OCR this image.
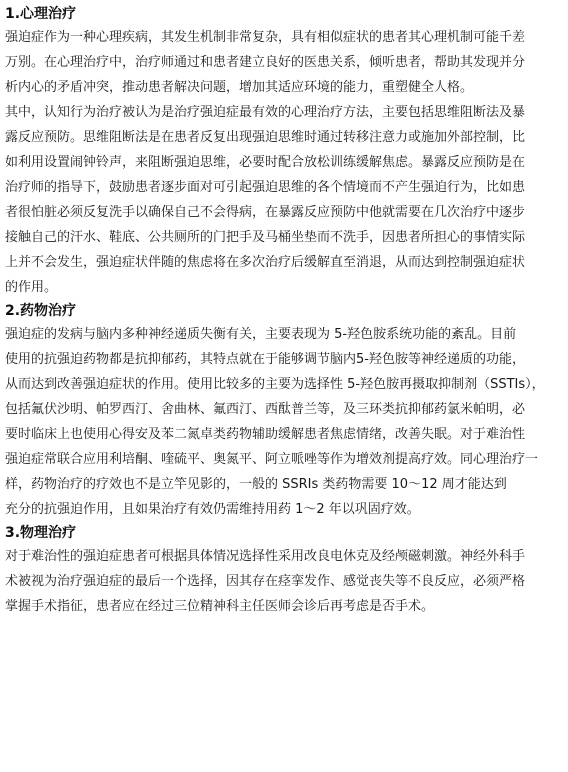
1.心理治疗
强迫症作为一种心理疾病，其发生机制非常复杂，具有相似症状的患者其心理机制可能千差
万别。在心理治疗中，治疗师通过和患者建立良好的医患关系，倾听患者，帮助其发现并分
析内心的矛盾冲突，推动患者解决问题，增加其适应环境的能力，重塑健全人格。
其中，认知行为治疗被认为是治疗强迫症最有效的心理治疗方法，主要包括思维阻断法及暴
露反应预防。思维阻断法是在患者反复出现强迫思维时通过转移注意力或施加外部控制，比
如利用设置闹钟铃声，来阻断强迫思维，必要时配合放松训练缓解焦虑。暴露反应预防是在
治疗师的指导下，鼓励患者逐步面对可引起强迫思维的各个情境而不产生强迫行为，比如患
者很怕脏必须反复洗手以确保自己不会得病，在暴露反应预防中他就需要在几次治疗中逐步
接触自己的汗水、鞋底、公共厕所的门把手及马桶坐垫而不洗手，因患者所担心的事情实际
上并不会发生，强迫症状伴随的焦虑将在多次治疗后缓解直至消退，从而达到控制强迫症状
的作用。
2.药物治疗
强迫症的发病与脑内多种神经递质失衡有关，主要表现为 5-羟色胺系统功能的紊乱。目前
使用的抗强迫药物都是抗抑郁药，其特点就在于能够调节脑内5-羟色胺等神经递质的功能，
从而达到改善强迫症状的作用。使用比较多的主要为选择性 5-羟色胺再摄取抑制剂（SSTIs），
包括氟伏沙明、帕罗西汀、舍曲林、氟西汀、西酞普兰等，及三环类抗抑郁药氯米帕明，必
要时临床上也使用心得安及苯二氮卓类药物辅助缓解患者焦虑情绪，改善失眠。对于难治性
强迫症常联合应用利培酮、喹硫平、奥氮平、阿立哌唑等作为增效剂提高疗效。同心理治疗一
样，药物治疗的疗效也不是立竿见影的，一般的 SSRIs 类药物需要 10～12 周才能达到
充分的抗强迫作用，且如果治疗有效仍需维持用药 1～2 年以巩固疗效。
3.物理治疗
对于难治性的强迫症患者可根据具体情况选择性采用改良电休克及经颅磁刺激。神经外科手
术被视为治疗强迫症的最后一个选择，因其存在痉挛发作、感觉丧失等不良反应，必须严格
掌握手术指征，患者应在经过三位精神科主任医师会诊后再考虑是否手术。
